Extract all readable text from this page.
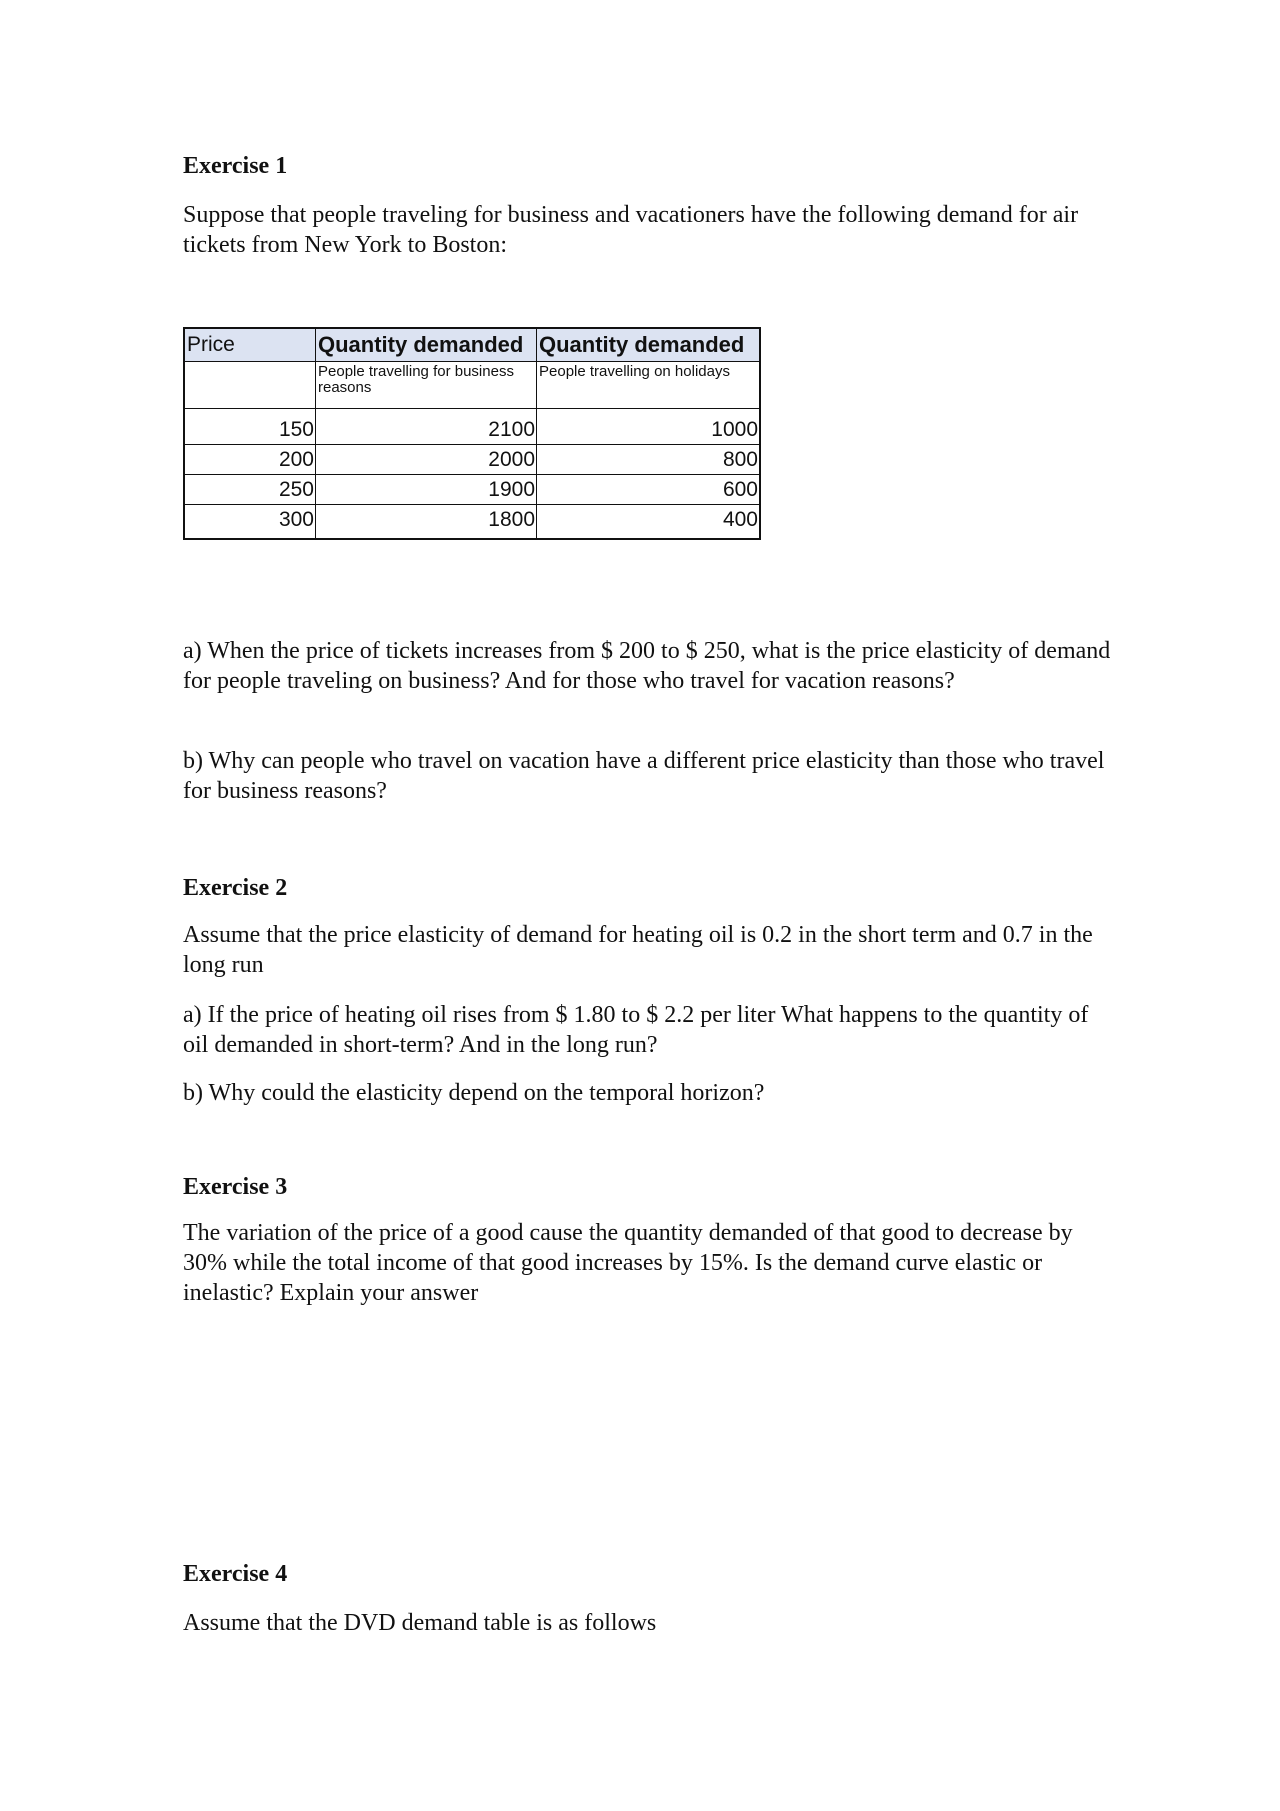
Exercise 1

Suppose that people traveling for business and vacationers have the following demand for air tickets from New York to Boston:

Price	Quantity demanded	Quantity demanded
	People travelling for business reasons	People travelling on holidays
150	2100	1000
200	2000	800
250	1900	600
300	1800	400

a) When the price of tickets increases from $ 200 to $ 250, what is the price elasticity of demand for people traveling on business? And for those who travel for vacation reasons?

b) Why can people who travel on vacation have a different price elasticity than those who travel for business reasons?

Exercise 2

Assume that the price elasticity of demand for heating oil is 0.2 in the short term and 0.7 in the long run

a) If the price of heating oil rises from $ 1.80 to $ 2.2 per liter What happens to the quantity of oil demanded in short-term? And in the long run?

b) Why could the elasticity depend on the temporal horizon?

Exercise 3

The variation of the price of a good cause the quantity demanded of that good to decrease by 30% while the total income of that good increases by 15%. Is the demand curve elastic or inelastic? Explain your answer

Exercise 4

Assume that the DVD demand table is as follows
